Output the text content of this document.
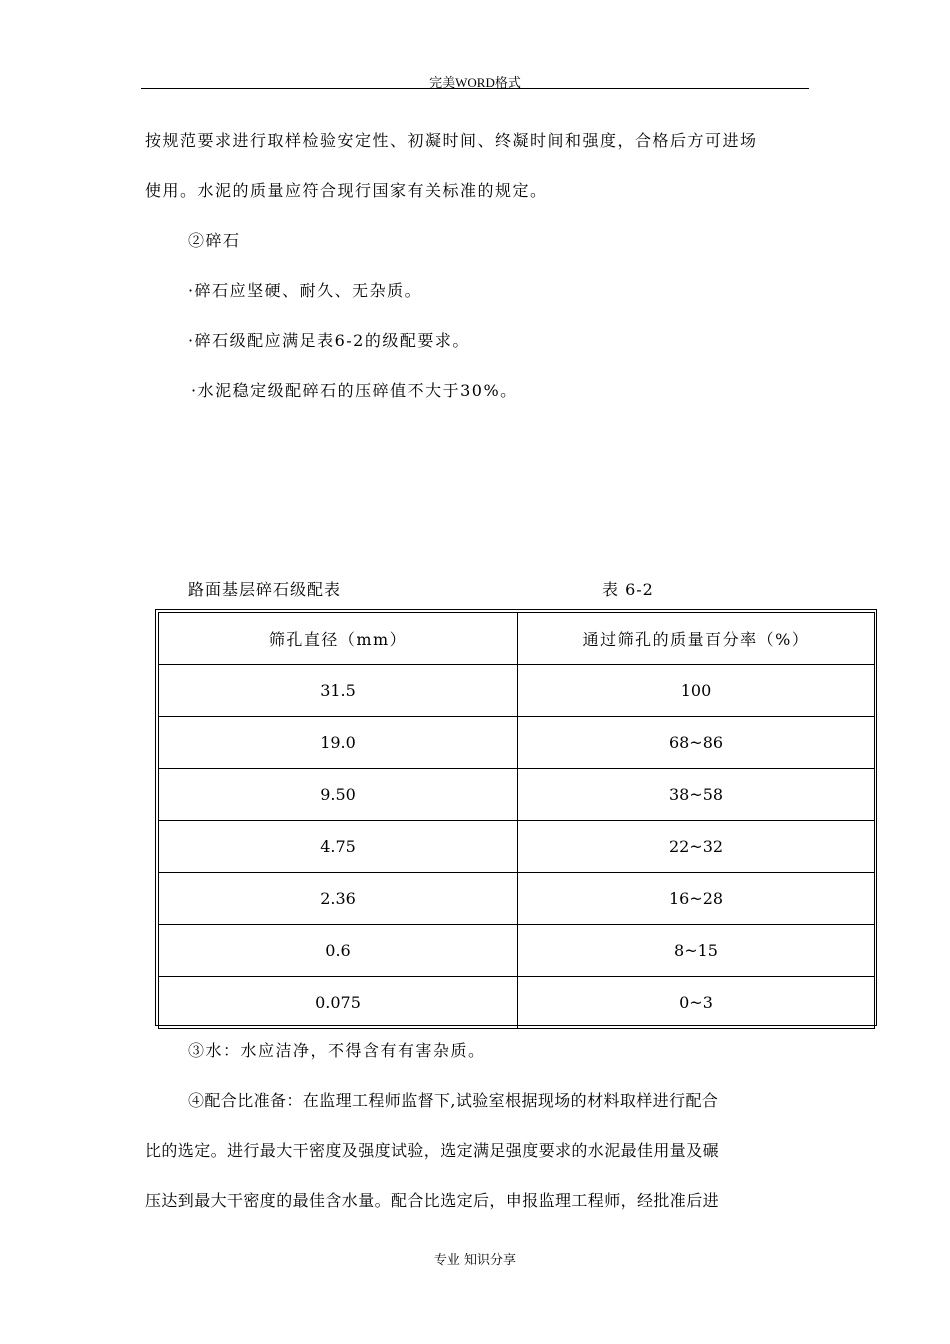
完美WORD格式
按规范要求进行取样检验安定性、初凝时间、终凝时间和强度，合格后方可进场
使用。水泥的质量应符合现行国家有关标准的规定。
②碎石
·碎石应坚硬、耐久、无杂质。
·碎石级配应满足表6-2的级配要求。
·水泥稳定级配碎石的压碎值不大于30%。
路面基层碎石级配表	表 6-2
筛孔直径（mm）	通过筛孔的质量百分率（%）
31.5	100
19.0	68~86
9.50	38~58
4.75	22~32
2.36	16~28
0.6	8~15
0.075	0~3
③水：水应洁净，不得含有有害杂质。
④配合比准备：在监理工程师监督下,试验室根据现场的材料取样进行配合
比的选定。进行最大干密度及强度试验，选定满足强度要求的水泥最佳用量及碾
压达到最大干密度的最佳含水量。配合比选定后，申报监理工程师，经批准后进
专业 知识分享
